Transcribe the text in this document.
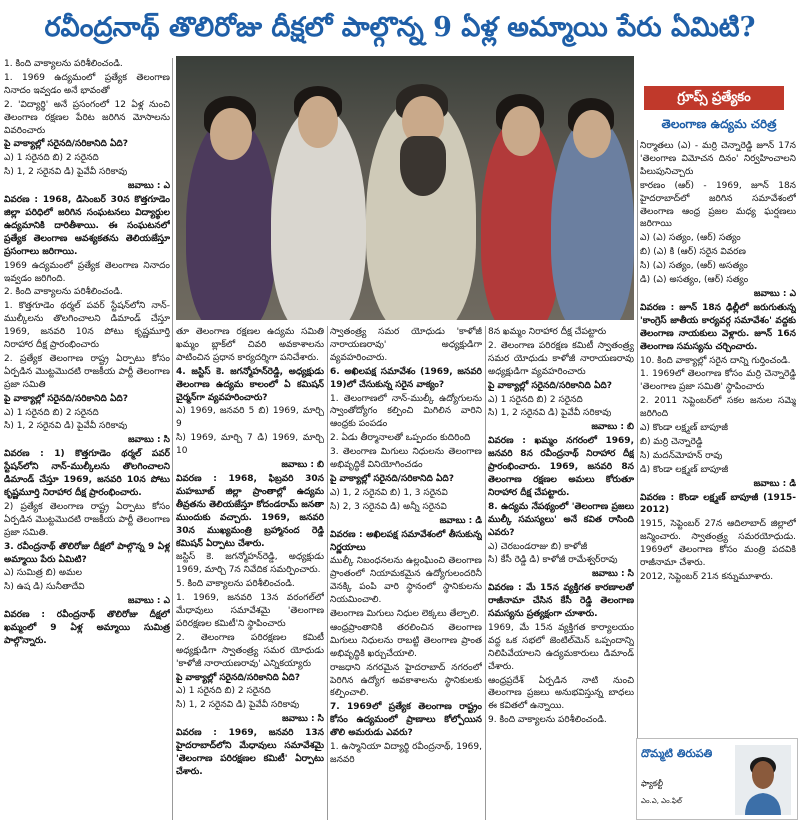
రవీంద్రనాథ్ తొలిరోజు దీక్షలో పాల్గొన్న 9 ఏళ్ల అమ్మాయి పేరు ఏమిటి?
గ్రూప్స్ ప్రత్యేకం
తెలంగాణ ఉద్యమ చరిత్ర

1. కింది వాక్యాలను పరిశీలించండి.

1. 1969 ఉద్యమంలో ప్రత్యేక తెలంగాణ నినాదం ఇవ్వడం అనే భావంతో

2. 'విద్యార్థి' అనే ప్రసంగంలో 12 ఏళ్ల నుంచి తెలంగాణ రక్షణల పేరిట జరిగిన మోసాలను వివరించారు

పై వాక్యాల్లో సరైనది/సరికానిది ఏది?

ఎ) 1 సరైనది బి) 2 సరైనది

సి) 1, 2 సరైనవి డి) పైవేవీ సరికావు

జవాబు : ఎ

వివరణ : 1968, డిసెంబర్ 30న కొత్తగూడెం జిల్లా పరిధిలో జరిగిన సంఘటనలు విద్యార్థుల ఉద్యమానికి దారితీశాయి. ఈ సంఘటనలో ప్రత్యేక తెలంగాణ ఆవశ్యకతను తెలియజేస్తూ ప్రసంగాలు జరిగాయి.

1969 ఉద్యమంలో ప్రత్యేక తెలంగాణ నినాదం ఇవ్వడం జరిగింది.

2. కింది వాక్యాలను పరిశీలించండి.

1. కొత్తగూడెం థర్మల్ పవర్ స్టేషన్‌లోని నాన్-ముల్కీలను తొలగించాలని డిమాండ్ చేస్తూ 1969, జనవరి 10న పోటు కృష్ణమూర్తి నిరాహార దీక్ష ప్రారంభించారు

2. ప్రత్యేక తెలంగాణ రాష్ట్ర ఏర్పాటు కోసం ఏర్పడిన మొట్టమొదటి రాజకీయ పార్టీ తెలంగాణ ప్రజా సమితి

పై వాక్యాల్లో సరైనది/సరికానిది ఏది?

ఎ) 1 సరైనది బి) 2 సరైనది

సి) 1, 2 సరైనవి డి) పైవేవీ సరికావు

జవాబు : సి

వివరణ : 1) కొత్తగూడెం థర్మల్ పవర్ స్టేషన్‌లోని నాన్-ముల్కీలను తొలగించాలని డిమాండ్ చేస్తూ 1969, జనవరి 10న పోటు కృష్ణమూర్తి నిరాహార దీక్ష ప్రారంభించారు.

2) ప్రత్యేక తెలంగాణ రాష్ట్ర ఏర్పాటు కోసం ఏర్పడిన మొట్టమొదటి రాజకీయ పార్టీ తెలంగాణ ప్రజా సమితి.

3. రవీంద్రనాథ్ తొలిరోజు దీక్షలో పాల్గొన్న 9 ఏళ్ల అమ్మాయి పేరు ఏమిటి?

ఎ) సుమిత్ర బి) అమల

సి) ఉష డి) సునీతాదేవి

జవాబు : ఎ

వివరణ : రవీంద్రనాథ్ తొలిరోజు దీక్షలో ఖమ్మంలో 9 ఏళ్ల అమ్మాయి సుమిత్ర పాల్గొన్నారు.

తూ తెలంగాణ రక్షణల ఉద్యమ సమితి ఖమ్మం బ్లాక్‌లో చివరి అవకాశాలను పాటించిన ప్రధాన కార్యదర్శిగా పనిచేశారు.

4. జస్టిస్ కె. జగన్మోహన్‌రెడ్డి, అధ్యక్షుడు తెలంగాణ ఉద్యమ కాలంలో ఏ కమిషన్ చైర్మన్‌గా వ్యవహరించారు?

ఎ) 1969, జనవరి 5 బి) 1969, మార్చి 9

సి) 1969, మార్చి 7 డి) 1969, మార్చి 10

జవాబు : బి

వివరణ : 1968, ఫిబ్రవరి 30న మహబూబ్ జిల్లా ప్రాంతాల్లో ఉద్యమ తీవ్రతను తెలియజేస్తూ కోదండరామ్ జనతా ముందుకు వచ్చారు. 1969, జనవరి 30న ముఖ్యమంత్రి బ్రహ్మానంద రెడ్డి కమిషన్ ఏర్పాటు చేశారు.

జస్టిస్ కె. జగన్మోహన్‌రెడ్డి, అధ్యక్షుడు 1969, మార్చి 7న నివేదిక సమర్పించారు.

5. కింది వాక్యాలను పరిశీలించండి.

1. 1969, జనవరి 13న వరంగల్‌లో మేధావులు సమావేశమై 'తెలంగాణ పరిరక్షణల కమిటీ'ని స్థాపించారు

2. తెలంగాణ పరిరక్షణల కమిటీ అధ్యక్షుడిగా స్వాతంత్ర్య సమర యోధుడు 'కాళోజీ నారాయణరావు' ఎన్నికయ్యారు

పై వాక్యాల్లో సరైనది/సరికానిది ఏది?

ఎ) 1 సరైనది బి) 2 సరైనది

సి) 1, 2 సరైనవి డి) పైవేవీ సరికావు

జవాబు : సి

వివరణ : 1969, జనవరి 13న హైదరాబాద్‌లోని మేధావులు సమావేశమై 'తెలంగాణ పరిరక్షణల కమిటీ' ఏర్పాటు చేశారు.

స్వాతంత్ర్య సమర యోధుడు 'కాళోజీ నారాయణరావు' అధ్యక్షుడిగా వ్యవహరించారు.

6. అఖిలపక్ష సమావేశం (1969, జనవరి 19)లో చేసుకున్న సరైన వాక్యం?

1. తెలంగాణలో నాన్-ముల్కీ ఉద్యోగులను స్వాంతోద్యోగం కల్పించి మిగిలిన వారిని ఆంధ్రకు పంపడం

2. ఏడు తీర్మానాలతో ఒప్పందం కుదిరింది

3. తెలంగాణ మిగులు నిధులను తెలంగాణ అభివృద్ధికే వినియోగించడం

పై వాక్యాల్లో సరైనది/సరికానిది ఏది?

ఎ) 1, 2 సరైనవి బి) 1, 3 సరైనవి

సి) 2, 3 సరైనవి డి) అన్నీ సరైనవి

జవాబు : డి

వివరణ : అఖిలపక్ష సమావేశంలో తీసుకున్న నిర్ణయాలు

ముల్కీ నిబంధనలను ఉల్లంఘించి తెలంగాణ ప్రాంతంలో నియామకమైన ఉద్యోగులందరినీ వెనక్కి పంపి వారి స్థానంలో స్థానికులను నియమించాలి.

తెలంగాణ మిగులు నిధుల లెక్కలు తేల్చాలి.

ఆంధ్రప్రాంతానికి తరలించిన తెలంగాణ మిగులు నిధులను రాబట్టి తెలంగాణ ప్రాంత అభివృద్ధికి ఖర్చుచేయాలి.

రాజధాని నగరమైన హైదరాబాద్ నగరంలో పెరిగిన ఉద్యోగ అవకాశాలను స్థానికులకు కల్పించాలి.

7. 1969లో ప్రత్యేక తెలంగాణ రాష్ట్రం కోసం ఉద్యమంలో ప్రాణాలు కోల్పోయిన తొలి అమరుడు ఎవరు?

1. ఉస్మానియా విద్యార్థి రవీంద్రనాథ్, 1969, జనవరి

8న ఖమ్మం నిరాహార దీక్ష చేపట్టారు

2. తెలంగాణ పరిరక్షణ కమిటీ స్వాతంత్ర్య సమర యోధుడు కాళోజీ నారాయణరావు అధ్యక్షుడిగా వ్యవహరించారు

పై వాక్యాల్లో సరైనది/సరికానిది ఏది?

ఎ) 1 సరైనది బి) 2 సరైనది

సి) 1, 2 సరైనవి డి) పైవేవీ సరికావు

జవాబు : బి

వివరణ : ఖమ్మం నగరంలో 1969, జనవరి 8న రవీంద్రనాథ్ నిరాహార దీక్ష ప్రారంభించారు. 1969, జనవరి 8న తెలంగాణ రక్షణల అమలు కోరుతూ నిరాహార దీక్ష చేపట్టారు.

8. ఉద్యమ నేపథ్యంలో 'తెలంగాణ ప్రజలు ముల్కీ సమస్యలు' అనే కవిత రాసింది ఎవరు?

ఎ) చెరబండరాజు బి) కాళోజీ

సి) కేసీ రెడ్డి డి) కాళోజీ రామేశ్వర్‌రావు

జవాబు : సి

వివరణ : మే 15న వ్యక్తిగత కారణాలతో రాజీనామా చేసిన కేసీ రెడ్డి తెలంగాణ సమస్యను ప్రత్యక్షంగా చూశారు.

1969, మే 15న వ్యక్తిగత కార్యాలయం వద్ద ఒక సభలో జెంటిల్‌మెన్ ఒప్పందాన్ని నిలిపివేయాలని ఉద్యమకారులు డిమాండ్ చేశారు.

ఆంధ్రప్రదేశ్ ఏర్పడిన నాటి నుంచి తెలంగాణ ప్రజలు అనుభవిస్తున్న బాధలు ఈ కవితలో ఉన్నాయి.

9. కింది వాక్యాలను పరిశీలించండి.

నిర్మాతలు (ఎ) - మర్రి చెన్నారెడ్డి జూన్ 17న 'తెలంగాణ విమోచన దినం' నిర్వహించాలని పిలుపునిచ్చారు

కారణం (ఆర్) - 1969, జూన్ 18న హైదరాబాద్‌లో జరిగిన సమావేశంలో తెలంగాణ ఆంధ్ర ప్రజల మధ్య ఘర్షణలు జరిగాయి

ఎ) (ఎ) సత్యం, (ఆర్) సత్యం

బి) (ఎ) కి (ఆర్) సరైన వివరణ

సి) (ఎ) సత్యం, (ఆర్) అసత్యం

డి) (ఎ) అసత్యం, (ఆర్) సత్యం

జవాబు : ఎ

వివరణ : జూన్ 18న ఢిల్లీలో జరుగుతున్న 'కాంగ్రెస్ జాతీయ కార్యవర్గ సమావేశం' వద్దకు తెలంగాణ నాయకులు వెళ్లారు. జూన్ 16న తెలంగాణ సమస్యను చర్చించారు.

10. కింది వాక్యాల్లో సరైన దాన్ని గుర్తించండి.

1. 1969లో తెలంగాణ కోసం మర్రి చెన్నారెడ్డి 'తెలంగాణ ప్రజా సమితి' స్థాపించారు

2. 2011 సెప్టెంబర్‌లో సకల జనుల సమ్మె జరిగింది

ఎ) కొండా లక్ష్మణ్ బాపూజీ

బి) మర్రి చెన్నారెడ్డి

సి) మదన్‌మోహన్ రావు

డి) కొండా లక్ష్మణ్ బాపూజీ

జవాబు : డి

వివరణ : కొండా లక్ష్మణ్ బాపూజీ (1915-2012)

1915, సెప్టెంబర్ 27న ఆదిలాబాద్ జిల్లాలో జన్మించారు. స్వాతంత్ర్య సమరయోధుడు. 1969లో తెలంగాణ కోసం మంత్రి పదవికి రాజీనామా చేశారు.

2012, సెప్టెంబర్ 21న కన్నుమూశారు.

దొమ్మటి తిరుపతి
ఫ్యాకల్టీ
ఎం.ఎ, ఎం.ఫిల్
